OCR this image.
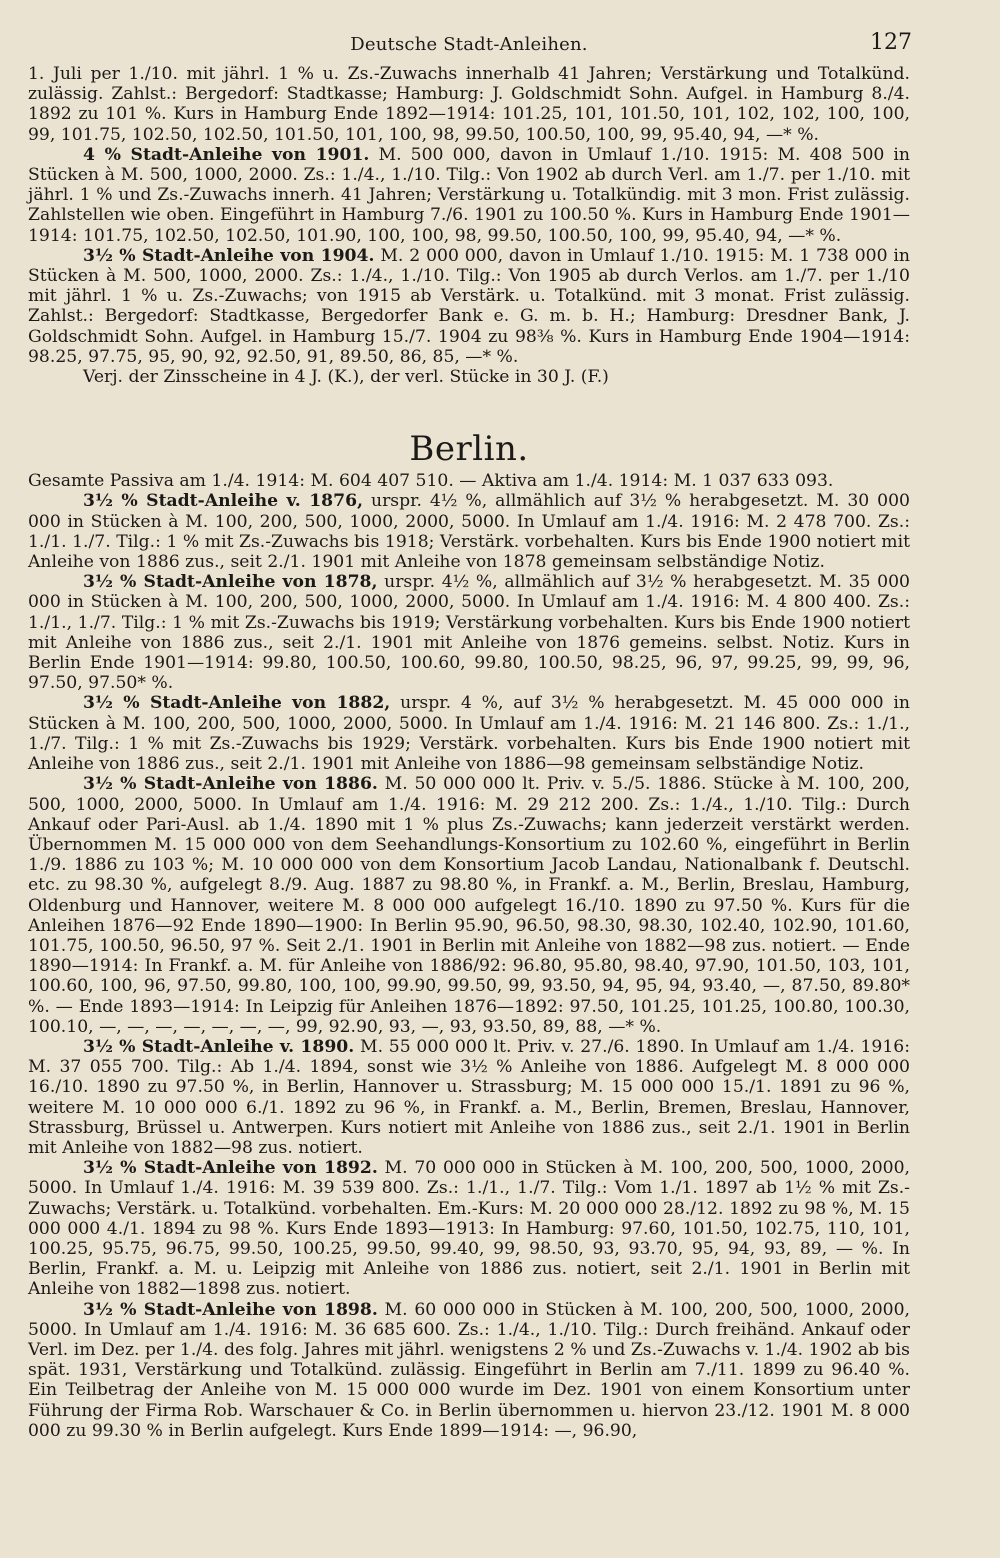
Deutsche Stadt-Anleihen.	127

1. Juli per 1./10. mit jährl. 1 % u. Zs.-Zuwachs innerhalb 41 Jahren; Verstärkung und Totalkünd. zulässig. Zahlst.: Bergedorf: Stadtkasse; Hamburg: J. Goldschmidt Sohn. Aufgel. in Hamburg 8./4. 1892 zu 101 %. Kurs in Hamburg Ende 1892—1914: 101.25, 101, 101.50, 101, 102, 102, 100, 100, 99, 101.75, 102.50, 102.50, 101.50, 101, 100, 98, 99.50, 100.50, 100, 99, 95.40, 94, —* %.

4 % Stadt-Anleihe von 1901. M. 500 000, davon in Umlauf 1./10. 1915: M. 408 500 in Stücken à M. 500, 1000, 2000. Zs.: 1./4., 1./10. Tilg.: Von 1902 ab durch Verl. am 1./7. per 1./10. mit jährl. 1 % und Zs.-Zuwachs innerh. 41 Jahren; Verstärkung u. Totalkündig. mit 3 mon. Frist zulässig. Zahlstellen wie oben. Eingeführt in Hamburg 7./6. 1901 zu 100.50 %. Kurs in Hamburg Ende 1901—1914: 101.75, 102.50, 102.50, 101.90, 100, 100, 98, 99.50, 100.50, 100, 99, 95.40, 94, —* %.

3½ % Stadt-Anleihe von 1904. M. 2 000 000, davon in Umlauf 1./10. 1915: M. 1 738 000 in Stücken à M. 500, 1000, 2000. Zs.: 1./4., 1./10. Tilg.: Von 1905 ab durch Verlos. am 1./7. per 1./10 mit jährl. 1 % u. Zs.-Zuwachs; von 1915 ab Verstärk. u. Totalkünd. mit 3 monat. Frist zulässig. Zahlst.: Bergedorf: Stadtkasse, Bergedorfer Bank e. G. m. b. H.; Hamburg: Dresdner Bank, J. Goldschmidt Sohn. Aufgel. in Hamburg 15./7. 1904 zu 98⅜ %. Kurs in Hamburg Ende 1904—1914: 98.25, 97.75, 95, 90, 92, 92.50, 91, 89.50, 86, 85, —* %.

Verj. der Zinsscheine in 4 J. (K.), der verl. Stücke in 30 J. (F.)

Berlin.

Gesamte Passiva am 1./4. 1914: M. 604 407 510. — Aktiva am 1./4. 1914: M. 1 037 633 093.

3½ % Stadt-Anleihe v. 1876, urspr. 4½ %, allmählich auf 3½ % herabgesetzt. M. 30 000 000 in Stücken à M. 100, 200, 500, 1000, 2000, 5000. In Umlauf am 1./4. 1916: M. 2 478 700. Zs.: 1./1. 1./7. Tilg.: 1 % mit Zs.-Zuwachs bis 1918; Verstärk. vorbehalten. Kurs bis Ende 1900 notiert mit Anleihe von 1886 zus., seit 2./1. 1901 mit Anleihe von 1878 gemeinsam selbständige Notiz.

3½ % Stadt-Anleihe von 1878, urspr. 4½ %, allmählich auf 3½ % herabgesetzt. M. 35 000 000 in Stücken à M. 100, 200, 500, 1000, 2000, 5000. In Umlauf am 1./4. 1916: M. 4 800 400. Zs.: 1./1., 1./7. Tilg.: 1 % mit Zs.-Zuwachs bis 1919; Verstärkung vorbehalten. Kurs bis Ende 1900 notiert mit Anleihe von 1886 zus., seit 2./1. 1901 mit Anleihe von 1876 gemeins. selbst. Notiz. Kurs in Berlin Ende 1901—1914: 99.80, 100.50, 100.60, 99.80, 100.50, 98.25, 96, 97, 99.25, 99, 99, 96, 97.50, 97.50* %.

3½ % Stadt-Anleihe von 1882, urspr. 4 %, auf 3½ % herabgesetzt. M. 45 000 000 in Stücken à M. 100, 200, 500, 1000, 2000, 5000. In Umlauf am 1./4. 1916: M. 21 146 800. Zs.: 1./1., 1./7. Tilg.: 1 % mit Zs.-Zuwachs bis 1929; Verstärk. vorbehalten. Kurs bis Ende 1900 notiert mit Anleihe von 1886 zus., seit 2./1. 1901 mit Anleihe von 1886—98 gemeinsam selbständige Notiz.

3½ % Stadt-Anleihe von 1886. M. 50 000 000 lt. Priv. v. 5./5. 1886. Stücke à M. 100, 200, 500, 1000, 2000, 5000. In Umlauf am 1./4. 1916: M. 29 212 200. Zs.: 1./4., 1./10. Tilg.: Durch Ankauf oder Pari-Ausl. ab 1./4. 1890 mit 1 % plus Zs.-Zuwachs; kann jederzeit verstärkt werden. Übernommen M. 15 000 000 von dem Seehandlungs-Konsortium zu 102.60 %, eingeführt in Berlin 1./9. 1886 zu 103 %; M. 10 000 000 von dem Konsortium Jacob Landau, Nationalbank f. Deutschl. etc. zu 98.30 %, aufgelegt 8./9. Aug. 1887 zu 98.80 %, in Frankf. a. M., Berlin, Breslau, Hamburg, Oldenburg und Hannover, weitere M. 8 000 000 aufgelegt 16./10. 1890 zu 97.50 %. Kurs für die Anleihen 1876—92 Ende 1890—1900: In Berlin 95.90, 96.50, 98.30, 98.30, 102.40, 102.90, 101.60, 101.75, 100.50, 96.50, 97 %. Seit 2./1. 1901 in Berlin mit Anleihe von 1882—98 zus. notiert. — Ende 1890—1914: In Frankf. a. M. für Anleihe von 1886/92: 96.80, 95.80, 98.40, 97.90, 101.50, 103, 101, 100.60, 100, 96, 97.50, 99.80, 100, 100, 99.90, 99.50, 99, 93.50, 94, 95, 94, 93.40, —, 87.50, 89.80* %. — Ende 1893—1914: In Leipzig für Anleihen 1876—1892: 97.50, 101.25, 101.25, 100.80, 100.30, 100.10, —, —, —, —, —, —, —, 99, 92.90, 93, —, 93, 93.50, 89, 88, —* %.

3½ % Stadt-Anleihe v. 1890. M. 55 000 000 lt. Priv. v. 27./6. 1890. In Umlauf am 1./4. 1916: M. 37 055 700. Tilg.: Ab 1./4. 1894, sonst wie 3½ % Anleihe von 1886. Aufgelegt M. 8 000 000 16./10. 1890 zu 97.50 %, in Berlin, Hannover u. Strassburg; M. 15 000 000 15./1. 1891 zu 96 %, weitere M. 10 000 000 6./1. 1892 zu 96 %, in Frankf. a. M., Berlin, Bremen, Breslau, Hannover, Strassburg, Brüssel u. Antwerpen. Kurs notiert mit Anleihe von 1886 zus., seit 2./1. 1901 in Berlin mit Anleihe von 1882—98 zus. notiert.

3½ % Stadt-Anleihe von 1892. M. 70 000 000 in Stücken à M. 100, 200, 500, 1000, 2000, 5000. In Umlauf 1./4. 1916: M. 39 539 800. Zs.: 1./1., 1./7. Tilg.: Vom 1./1. 1897 ab 1½ % mit Zs.-Zuwachs; Verstärk. u. Totalkünd. vorbehalten. Em.-Kurs: M. 20 000 000 28./12. 1892 zu 98 %, M. 15 000 000 4./1. 1894 zu 98 %. Kurs Ende 1893—1913: In Hamburg: 97.60, 101.50, 102.75, 110, 101, 100.25, 95.75, 96.75, 99.50, 100.25, 99.50, 99.40, 99, 98.50, 93, 93.70, 95, 94, 93, 89, — %. In Berlin, Frankf. a. M. u. Leipzig mit Anleihe von 1886 zus. notiert, seit 2./1. 1901 in Berlin mit Anleihe von 1882—1898 zus. notiert.

3½ % Stadt-Anleihe von 1898. M. 60 000 000 in Stücken à M. 100, 200, 500, 1000, 2000, 5000. In Umlauf am 1./4. 1916: M. 36 685 600. Zs.: 1./4., 1./10. Tilg.: Durch freihänd. Ankauf oder Verl. im Dez. per 1./4. des folg. Jahres mit jährl. wenigstens 2 % und Zs.-Zuwachs v. 1./4. 1902 ab bis spät. 1931, Verstärkung und Totalkünd. zulässig. Eingeführt in Berlin am 7./11. 1899 zu 96.40 %. Ein Teilbetrag der Anleihe von M. 15 000 000 wurde im Dez. 1901 von einem Konsortium unter Führung der Firma Rob. Warschauer & Co. in Berlin übernommen u. hiervon 23./12. 1901 M. 8 000 000 zu 99.30 % in Berlin aufgelegt. Kurs Ende 1899—1914: —, 96.90,
